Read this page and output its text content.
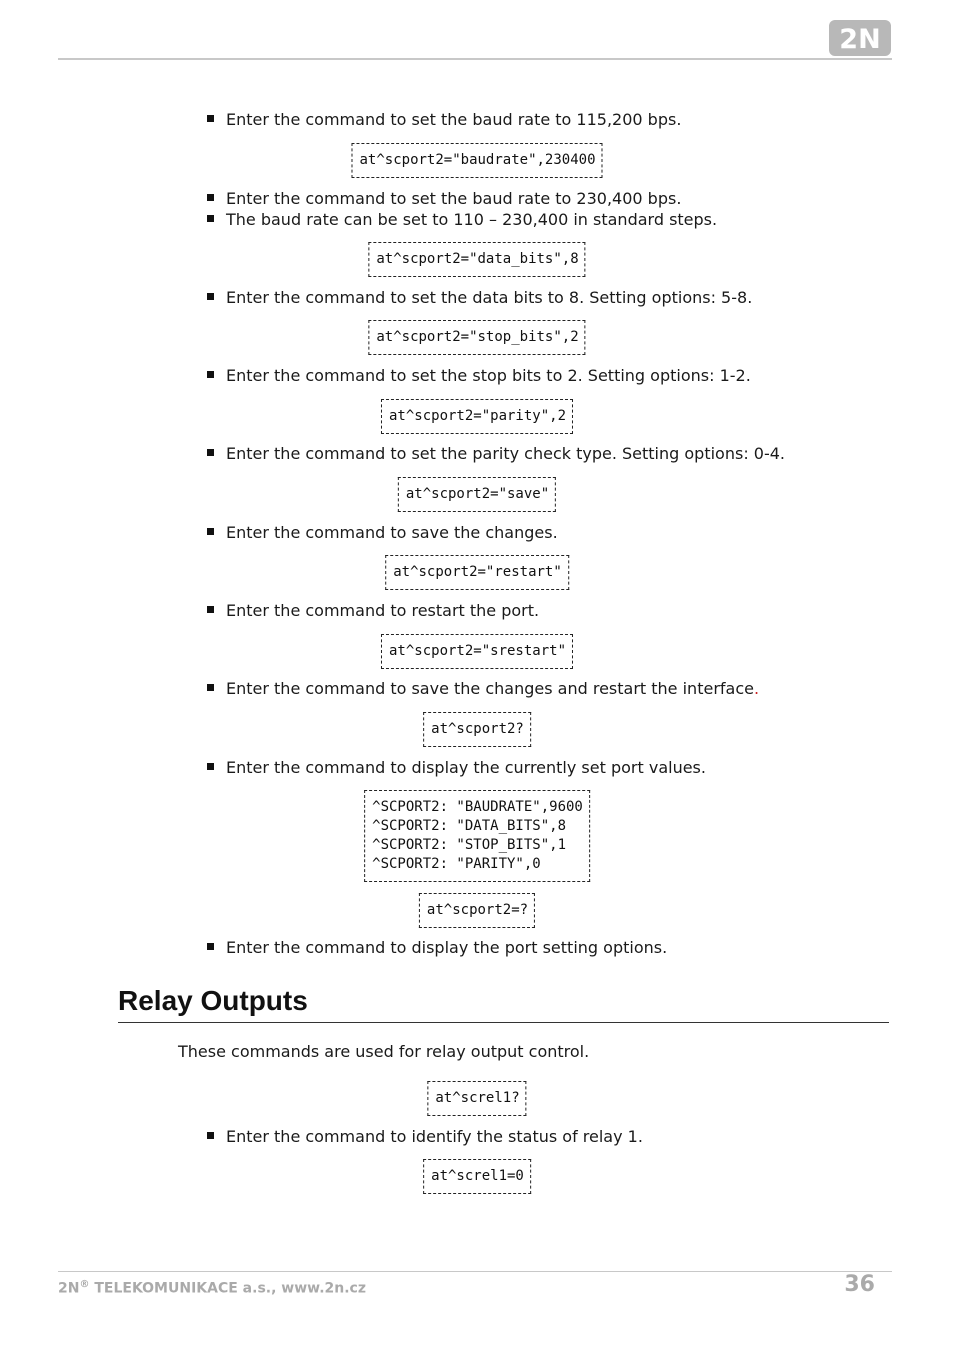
2N
Enter the command to set the baud rate to 115,200 bps.
at^scport2="baudrate",230400
Enter the command to set the baud rate to 230,400 bps.
The baud rate can be set to 110 – 230,400 in standard steps.
at^scport2="data_bits",8
Enter the command to set the data bits to 8. Setting options: 5-8.
at^scport2="stop_bits",2
Enter the command to set the stop bits to 2. Setting options: 1-2.
at^scport2="parity",2
Enter the command to set the parity check type. Setting options: 0-4.
at^scport2="save"
Enter the command to save the changes.
at^scport2="restart"
Enter the command to restart the port.
at^scport2="srestart"
Enter the command to save the changes and restart the interface.
at^scport2?
Enter the command to display the currently set port values.
^SCPORT2: "BAUDRATE",9600
^SCPORT2: "DATA_BITS",8
^SCPORT2: "STOP_BITS",1
^SCPORT2: "PARITY",0
at^scport2=?
Enter the command to display the port setting options.
Relay Outputs
These commands are used for relay output control.
at^screl1?
Enter the command to identify the status of relay 1.
at^screl1=0
2N® TELEKOMUNIKACE a.s., www.2n.cz	36
